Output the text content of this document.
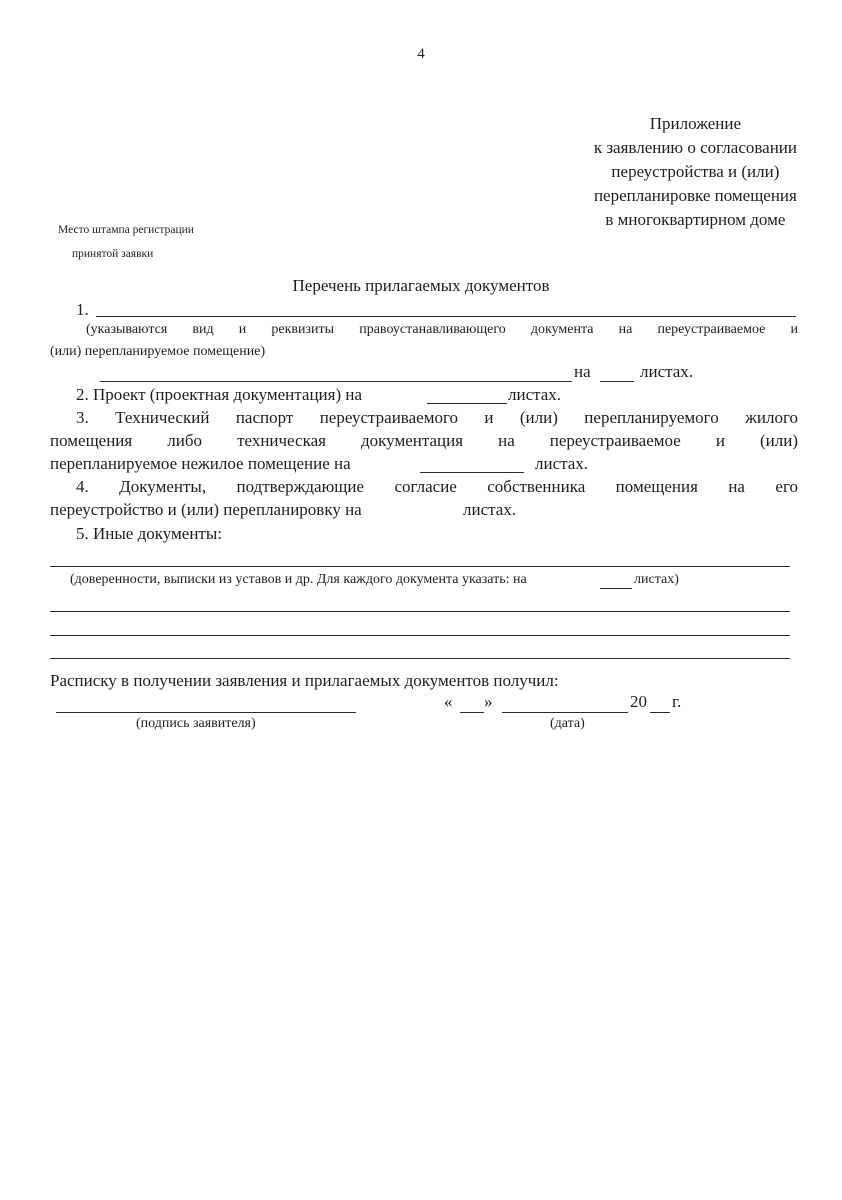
4
Приложение
к заявлению о согласовании
переустройства и (или)
перепланировке помещения
в многоквартирном доме
Место штампа регистрации
принятой заявки
Перечень прилагаемых документов
1.
(указываются вид и реквизиты правоустанавливающего документа на переустраиваемое и
(или) перепланируемое помещение)
на	листах.
2. Проект (проектная документация) на	листах.
3. Технический паспорт переустраиваемого и (или) перепланируемого жилого
помещения либо техническая документация на переустраиваемое и (или)
перепланируемое нежилое помещение на	листах.
4. Документы, подтверждающие согласие собственника помещения на его
переустройство и (или) перепланировку на	листах.
5. Иные документы:
(доверенности, выписки из уставов и др. Для каждого документа указать: на	листах)
Расписку в получении заявления и прилагаемых документов получил:
(подпись заявителя)
« »	20 г.
(дата)
